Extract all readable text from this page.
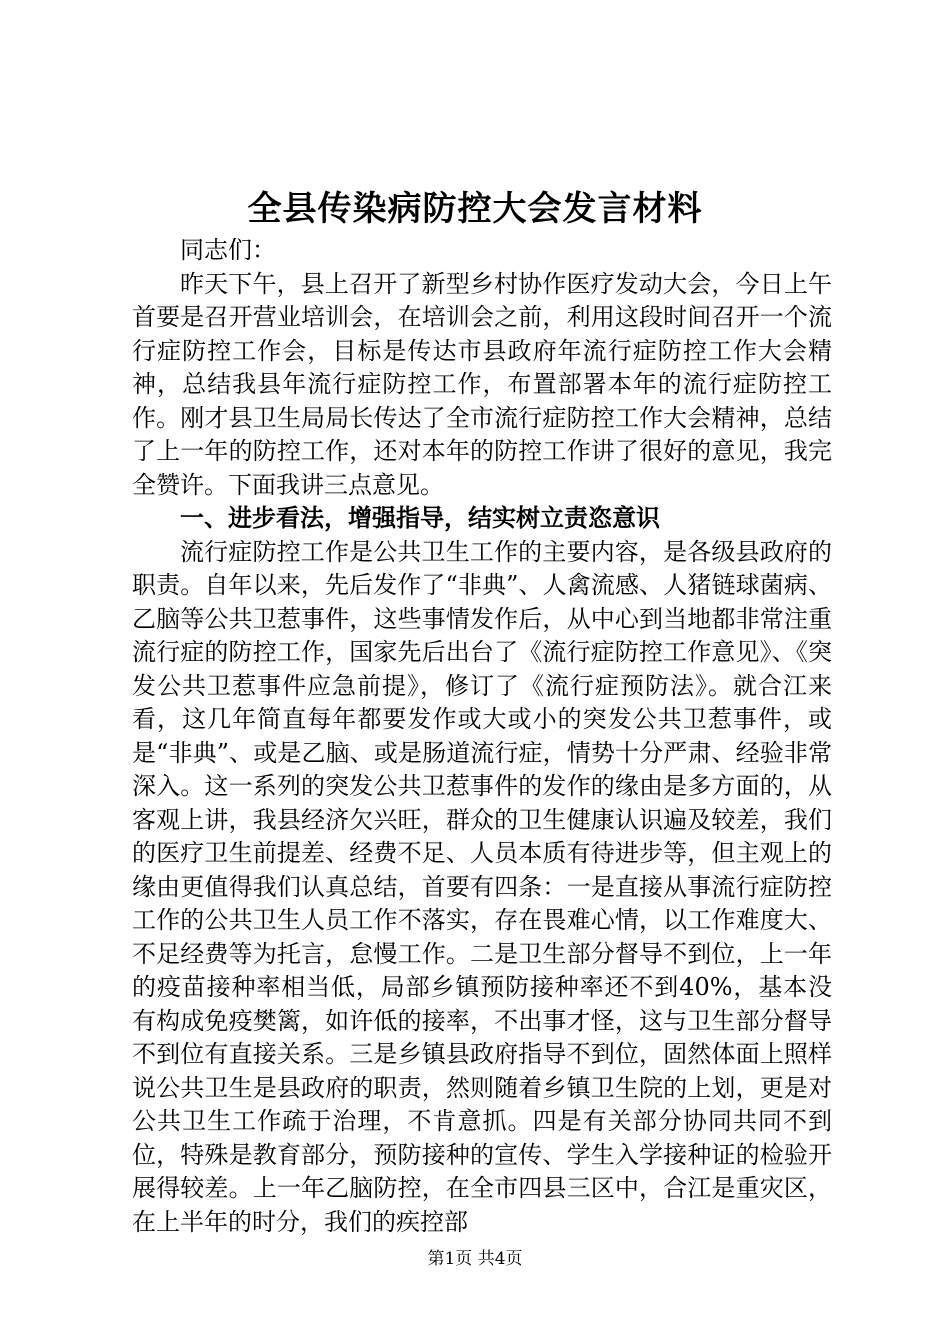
全县传染病防控大会发言材料

同志们：

昨天下午，县上召开了新型乡村协作医疗发动大会，今日上午首要是召开营业培训会，在培训会之前，利用这段时间召开一个流行症防控工作会，目标是传达市县政府年流行症防控工作大会精神，总结我县年流行症防控工作，布置部署本年的流行症防控工作。刚才县卫生局局长传达了全市流行症防控工作大会精神，总结了上一年的防控工作，还对本年的防控工作讲了很好的意见，我完全赞许。下面我讲三点意见。

一、进步看法，增强指导，结实树立责恣意识

流行症防控工作是公共卫生工作的主要内容，是各级县政府的职责。自年以来，先后发作了“非典”、人禽流感、人猪链球菌病、乙脑等公共卫惹事件，这些事情发作后，从中心到当地都非常注重流行症的防控工作，国家先后出台了《流行症防控工作意见》、《突发公共卫惹事件应急前提》，修订了《流行症预防法》。就合江来看，这几年简直每年都要发作或大或小的突发公共卫惹事件，或是“非典”、或是乙脑、或是肠道流行症，情势十分严肃、经验非常深入。这一系列的突发公共卫惹事件的发作的缘由是多方面的，从客观上讲，我县经济欠兴旺，群众的卫生健康认识遍及较差，我们的医疗卫生前提差、经费不足、人员本质有待进步等，但主观上的缘由更值得我们认真总结，首要有四条：一是直接从事流行症防控工作的公共卫生人员工作不落实，存在畏难心情，以工作难度大、不足经费等为托言，怠慢工作。二是卫生部分督导不到位，上一年的疫苗接种率相当低，局部乡镇预防接种率还不到40%，基本没有构成免疫樊篱，如许低的接率，不出事才怪，这与卫生部分督导不到位有直接关系。三是乡镇县政府指导不到位，固然体面上照样说公共卫生是县政府的职责，然则随着乡镇卫生院的上划，更是对公共卫生工作疏于治理，不肯意抓。四是有关部分协同共同不到位，特殊是教育部分，预防接种的宣传、学生入学接种证的检验开展得较差。上一年乙脑防控，在全市四县三区中，合江是重灾区，在上半年的时分，我们的疾控部

第1页 共4页
